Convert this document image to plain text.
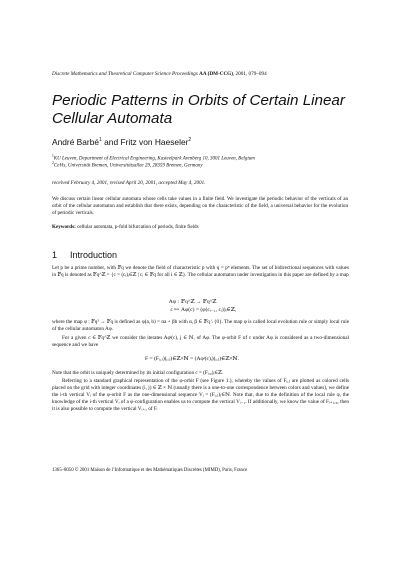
Discrete Mathematics and Theoretical Computer Science Proceedings AA (DM-CCG), 2001, 079–094
Periodic Patterns in Orbits of Certain Linear Cellular Automata
André Barbé$^1$ and Fritz von Haeseler$^2$
$^1$KU Leuven, Department of Electrical Engineering, Kasteelpark Arenberg 10, 3001 Leuven, Belgium
$^2$CeVis, Universität Bremen, Universitätsallee 29, 28359 Bremen, Germany
received February 4, 2001, revised April 20, 2001, accepted May 4, 2001.
We discuss certain linear cellular automata whose cells take values in a finite field. We investigate the periodic behavior of the verticals of an orbit of the cellular automaton and establish that there exists, depending on the characteristic of the field, a universal behavior for the evolution of periodic verticals.
Keywords: cellular automata, p-fold bifurcation of periods, finite fields
1 Introduction
Let p be a prime number, with 𝔽q we denote the field of characteristic p with q = pⁿ elements. The set of bidirectional sequences with values in 𝔽q is denoted as 𝔽q^ℤ = {c = (cᵢ)ᵢ∈ℤ | cᵢ ∈ 𝔽q for all i ∈ ℤ}. The cellular automaton under investigation in this paper are defined by a map
Aφ : 𝔽q^ℤ → 𝔽q^ℤ
c ↦ Aφ(c) = (φ(cᵢ₋₁, cᵢ))ᵢ∈ℤ,
where the map φ : 𝔽q² → 𝔽q is defined as φ(a, b) = αa + βb with α, β ∈ 𝔽q \ {0}. The map φ is called local evolution rule or simply local rule of the cellular automaton Aφ.
For a given c ∈ 𝔽q^ℤ we consider the iterates Aφʲ(c), j ∈ ℕ, of Aφ. The φ-orbit F of c under Aφ is considered as a two-dimensional sequence and we have
F = (Fᵢ,ⱼ)(ᵢ,ⱼ)∈ℤ×ℕ = (Aφʲ(c)ᵢ)(ᵢ,ⱼ)∈ℤ×ℕ.
Note that the orbit is uniquely determined by its initial configuration c = (Fᵢ,₀)ᵢ∈ℤ.
Referring to a standard graphical representation of the φ-orbit F (see Figure 1.), whereby the values of Fᵢ,ⱼ are plotted as colored cells placed on the grid with integer coordinates (i, j) ∈ ℤ × ℕ (usually there is a one-to-one correspondence between colors and values), we define the i-th vertical Vᵢ of the φ-orbit F as the one-dimensional sequence Vᵢ = (Fᵢ,ⱼ)ⱼ∈ℕ. Note that, due to the definition of the local rule φ, the knowledge of the i-th vertical Vᵢ of a φ-configuration enables us to compute the vertical Vᵢ₋₁. If additionally, we know the value of Fᵢ₊₁,₀, then it is also possible to compute the vertical Vᵢ₊₁ of F.
1365–8050 © 2001 Maison de l’Informatique et des Mathématiques Discrètes (MIMD), Paris, France
